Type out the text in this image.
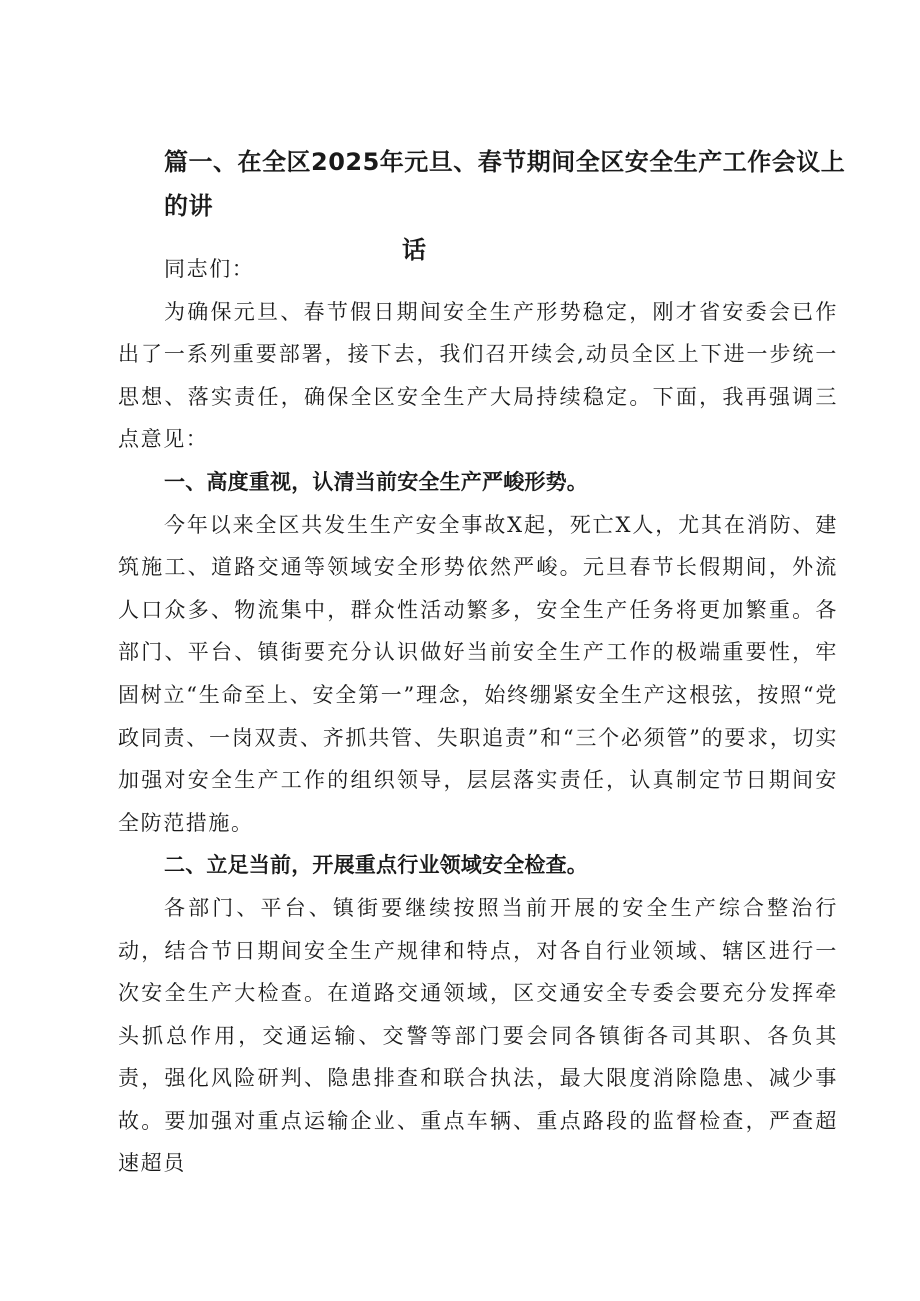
篇一、在全区2025年元旦、春节期间全区安全生产工作会议上的讲
话

同志们：

为确保元旦、春节假日期间安全生产形势稳定，刚才省安委会已作出了一系列重要部署，接下去，我们召开续会,动员全区上下进一步统一思想、落实责任，确保全区安全生产大局持续稳定。下面，我再强调三点意见：

一、高度重视，认清当前安全生产严峻形势。

今年以来全区共发生生产安全事故X起，死亡X人，尤其在消防、建筑施工、道路交通等领域安全形势依然严峻。元旦春节长假期间，外流人口众多、物流集中，群众性活动繁多，安全生产任务将更加繁重。各部门、平台、镇街要充分认识做好当前安全生产工作的极端重要性，牢固树立“生命至上、安全第一”理念，始终绷紧安全生产这根弦，按照“党政同责、一岗双责、齐抓共管、失职追责”和“三个必须管”的要求，切实加强对安全生产工作的组织领导，层层落实责任，认真制定节日期间安全防范措施。

二、立足当前，开展重点行业领域安全检查。

各部门、平台、镇街要继续按照当前开展的安全生产综合整治行动，结合节日期间安全生产规律和特点，对各自行业领域、辖区进行一次安全生产大检查。在道路交通领域，区交通安全专委会要充分发挥牵头抓总作用，交通运输、交警等部门要会同各镇街各司其职、各负其责，强化风险研判、隐患排查和联合执法，最大限度消除隐患、减少事故。要加强对重点运输企业、重点车辆、重点路段的监督检查，严查超速超员
